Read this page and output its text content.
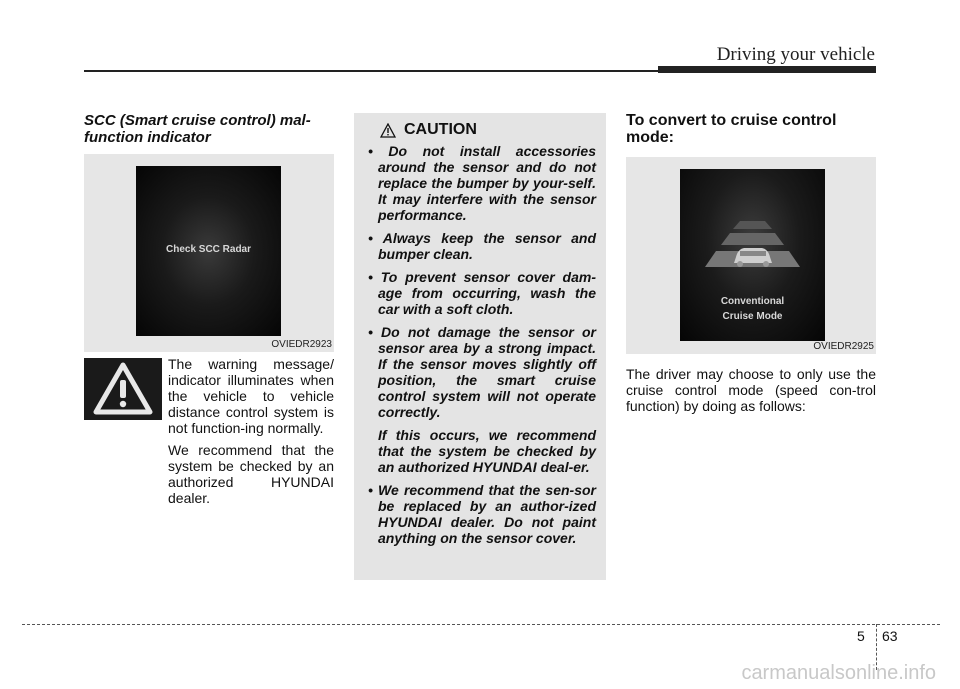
Driving your vehicle
SCC (Smart cruise control) mal-function indicator
Check SCC Radar
OVIEDR2923

The warning message/ indicator illuminates when the vehicle to vehicle distance control system is not function-ing normally.

We recommend that the system be checked by an authorized HYUNDAI dealer.

CAUTION
• Do not install accessories around the sensor and do not replace the bumper by your-self. It may interfere with the sensor performance.
• Always keep the sensor and bumper clean.
• To prevent sensor cover dam-age from occurring, wash the car with a soft cloth.
• Do not damage the sensor or sensor area by a strong impact. If the sensor moves slightly off position, the smart cruise control system will not operate correctly.
If this occurs, we recommend that the system be checked by an authorized HYUNDAI deal-er.
• We recommend that the sen-sor be replaced by an author-ized HYUNDAI dealer. Do not paint anything on the sensor cover.
To convert to cruise control mode:
Conventional
Cruise Mode
OVIEDR2925
The driver may choose to only use the cruise control mode (speed con-trol function) by doing as follows:
5 63
carmanualsonline.info
